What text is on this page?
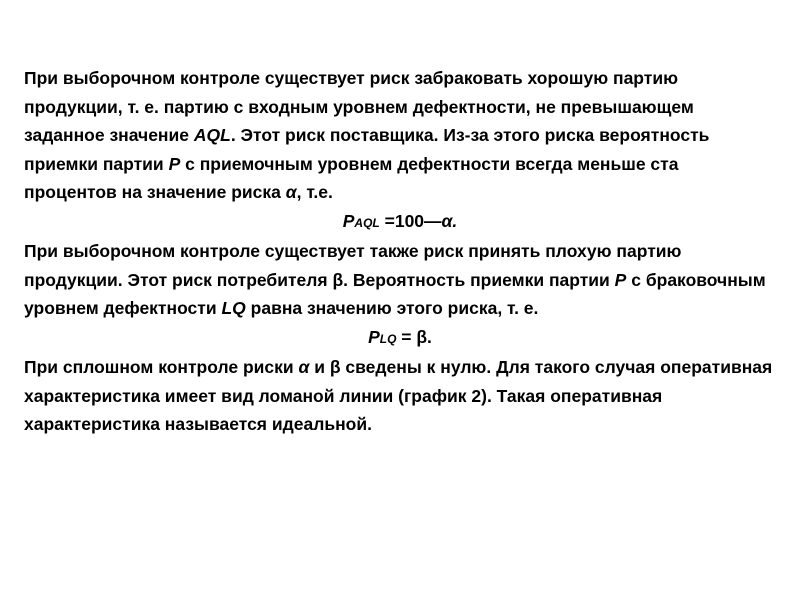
При выборочном контроле существует риск забраковать хорошую партию продукции, т. е. партию с входным уровнем дефектности, не превышающем заданное значение AQL. Этот риск поставщика. Из-за этого риска вероятность приемки партии P с приемочным уровнем дефектности всегда меньше ста процентов на значение риска α, т.е.

PAQL =100—α.

При выборочном контроле существует также риск принять плохую партию продукции. Этот риск потребителя β. Вероятность приемки партии P с браковочным уровнем дефектности LQ равна значению этого риска, т. е.

PLQ = β.

При сплошном контроле риски α и β сведены к нулю. Для такого случая оперативная характеристика имеет вид ломаной линии (график 2). Такая оперативная характеристика называется идеальной.
